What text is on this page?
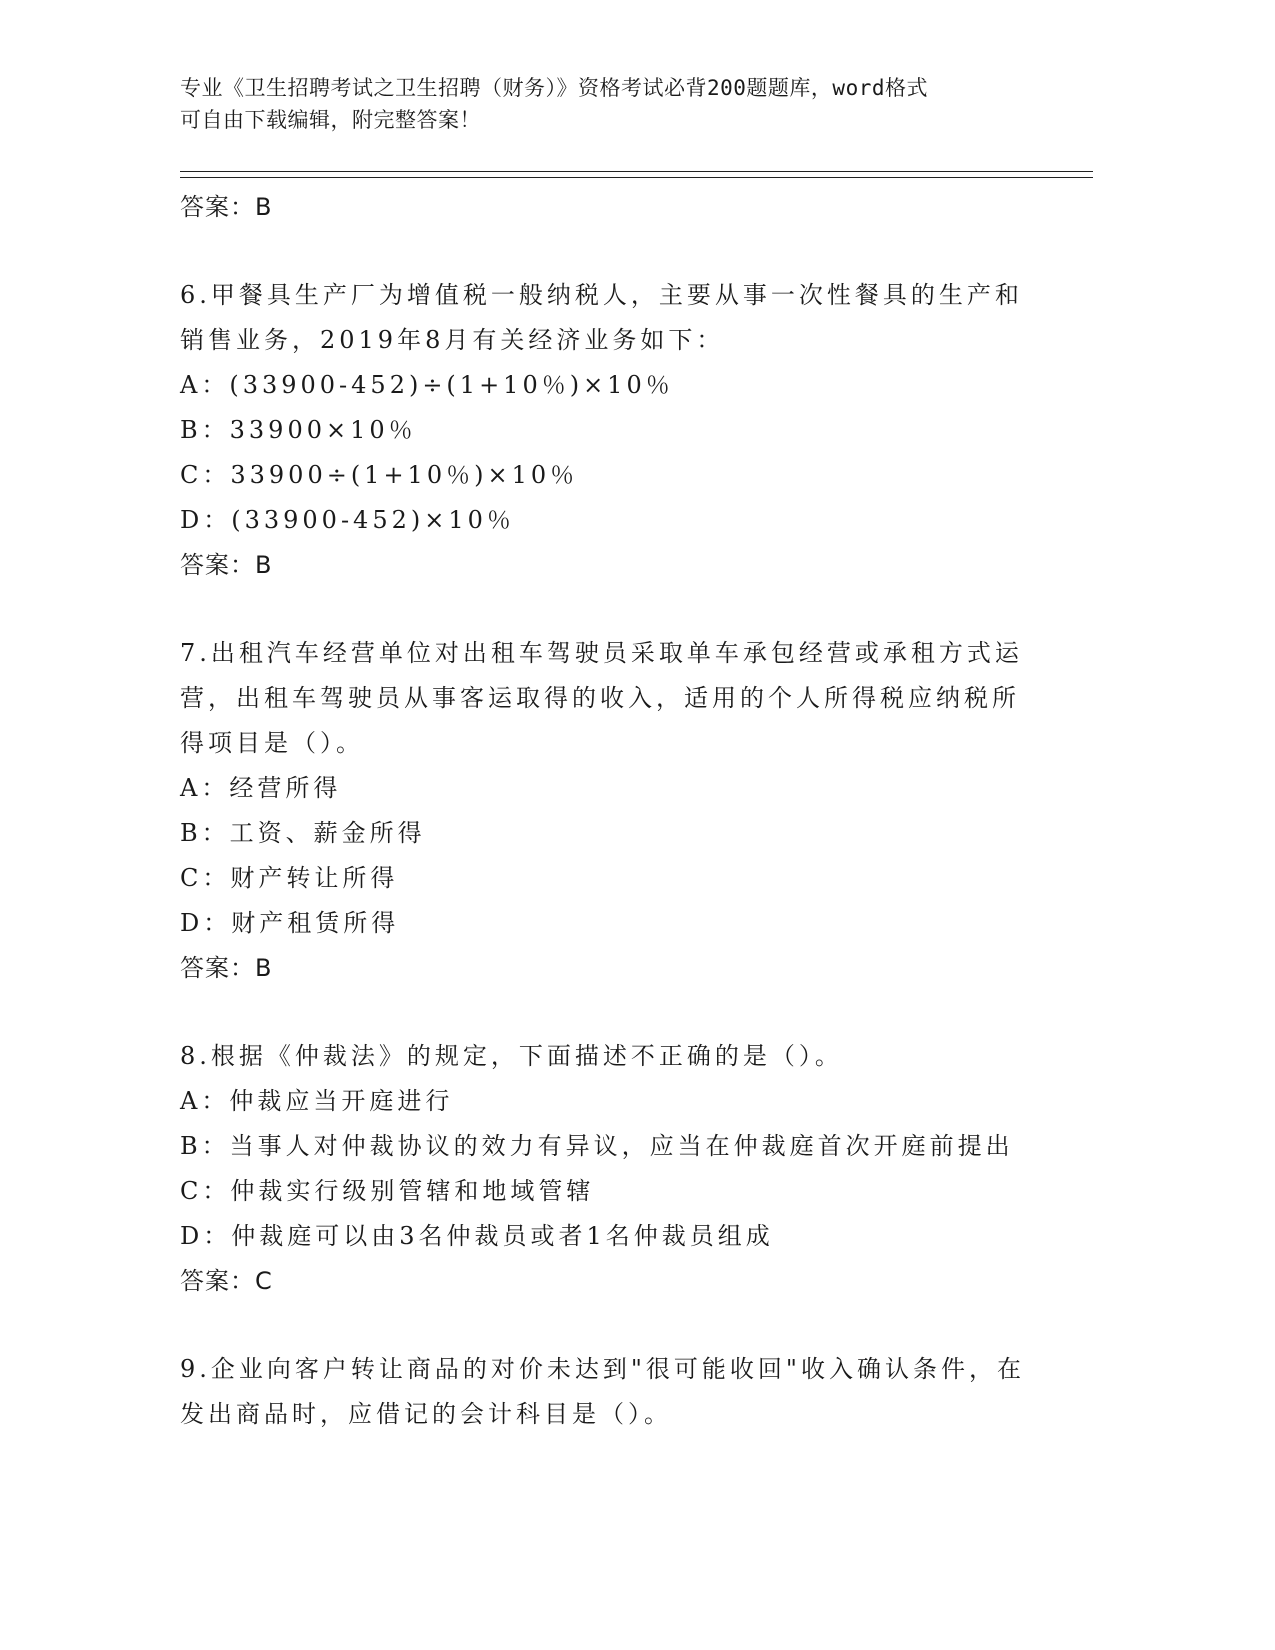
专业《卫生招聘考试之卫生招聘（财务）》资格考试必背200题题库，word格式
可自由下载编辑，附完整答案！
答案：B
6.甲餐具生产厂为增值税一般纳税人，主要从事一次性餐具的生产和
销售业务，2019年8月有关经济业务如下：
A：(33900-452)÷(1+10％)×10％
B：33900×10％
C：33900÷(1+10％)×10％
D：(33900-452)×10％
答案：B
7.出租汽车经营单位对出租车驾驶员采取单车承包经营或承租方式运
营，出租车驾驶员从事客运取得的收入，适用的个人所得税应纳税所
得项目是（）。
A：经营所得
B：工资、薪金所得
C：财产转让所得
D：财产租赁所得
答案：B
8.根据《仲裁法》的规定，下面描述不正确的是（）。
A：仲裁应当开庭进行
B：当事人对仲裁协议的效力有异议，应当在仲裁庭首次开庭前提出
C：仲裁实行级别管辖和地域管辖
D：仲裁庭可以由3名仲裁员或者1名仲裁员组成
答案：C
9.企业向客户转让商品的对价未达到"很可能收回"收入确认条件，在
发出商品时，应借记的会计科目是（）。
